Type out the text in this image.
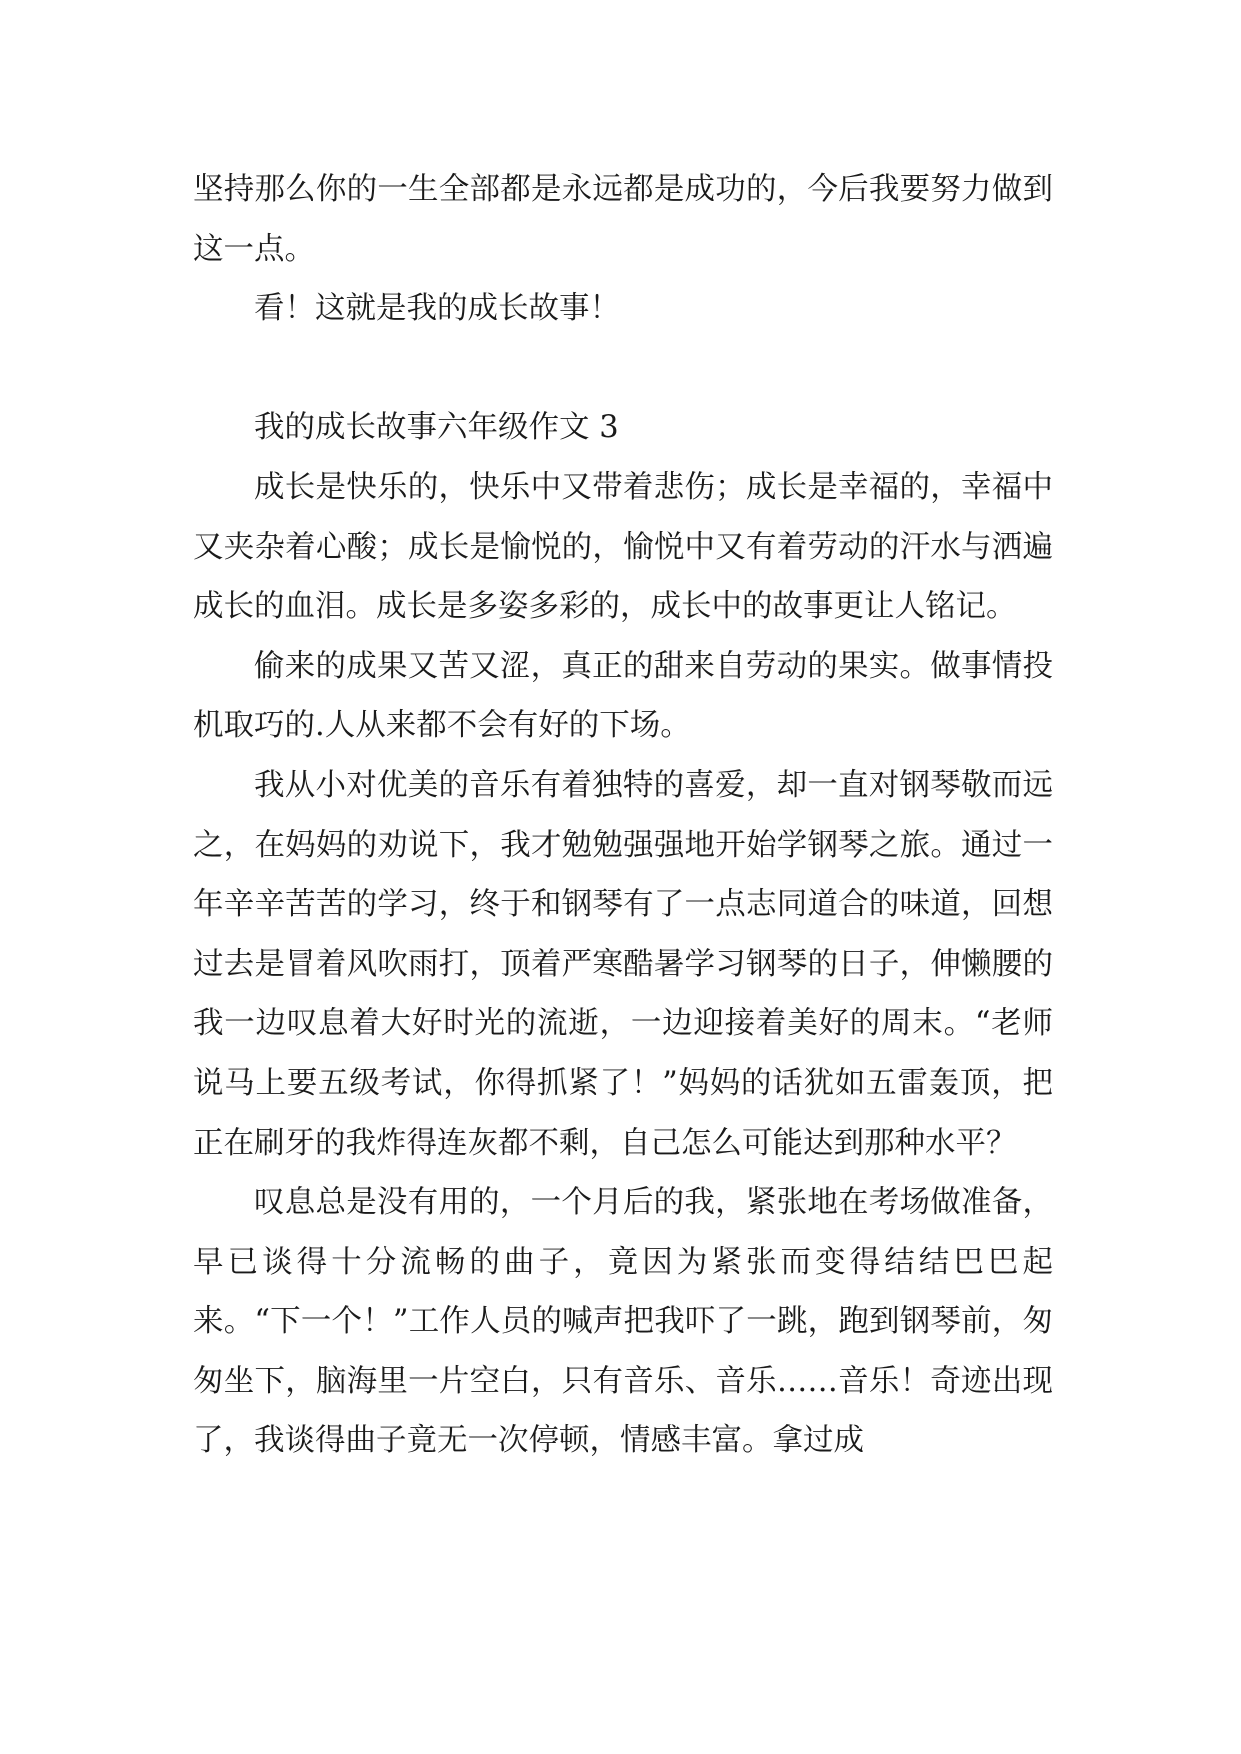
坚持那么你的一生全部都是永远都是成功的，今后我要努力做到这一点。

看！这就是我的成长故事！

我的成长故事六年级作文 3

成长是快乐的，快乐中又带着悲伤；成长是幸福的，幸福中又夹杂着心酸；成长是愉悦的，愉悦中又有着劳动的汗水与洒遍成长的血泪。成长是多姿多彩的，成长中的故事更让人铭记。

偷来的成果又苦又涩，真正的甜来自劳动的果实。做事情投机取巧的.人从来都不会有好的下场。

我从小对优美的音乐有着独特的喜爱，却一直对钢琴敬而远之，在妈妈的劝说下，我才勉勉强强地开始学钢琴之旅。通过一年辛辛苦苦的学习，终于和钢琴有了一点志同道合的味道，回想过去是冒着风吹雨打，顶着严寒酷暑学习钢琴的日子，伸懒腰的我一边叹息着大好时光的流逝，一边迎接着美好的周末。“老师说马上要五级考试，你得抓紧了！”妈妈的话犹如五雷轰顶，把正在刷牙的我炸得连灰都不剩，自己怎么可能达到那种水平？

叹息总是没有用的，一个月后的我，紧张地在考场做准备，早已谈得十分流畅的曲子，竟因为紧张而变得结结巴巴起来。“下一个！”工作人员的喊声把我吓了一跳，跑到钢琴前，匆匆坐下，脑海里一片空白，只有音乐、音乐……音乐！奇迹出现了，我谈得曲子竟无一次停顿，情感丰富。拿过成
